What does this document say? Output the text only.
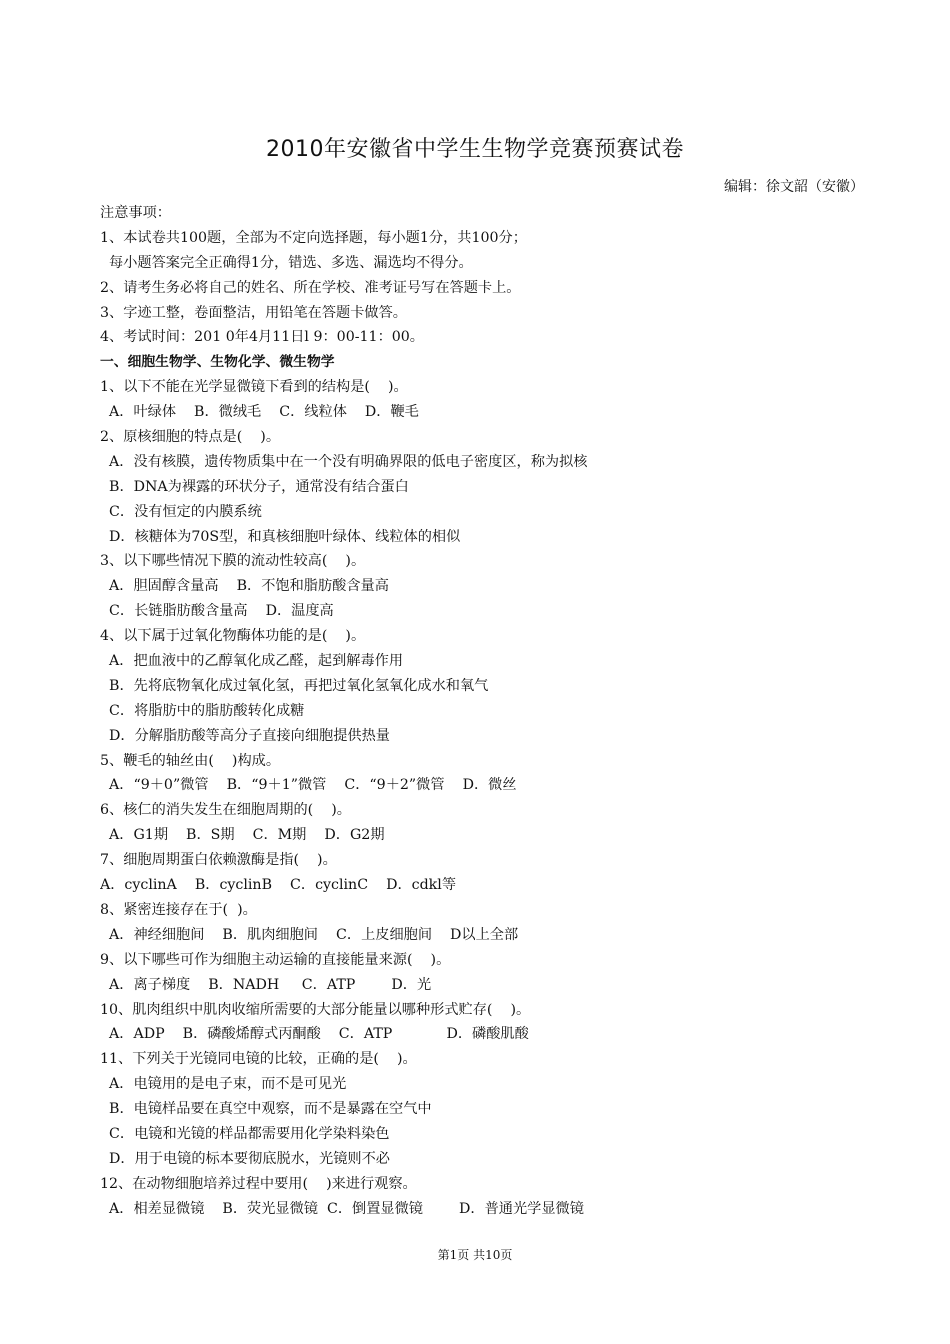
2010年安徽省中学生生物学竞赛预赛试卷
编辑：徐文韶（安徽）
注意事项：
1、本试卷共100题，全部为不定向选择题，每小题1分，共100分；
每小题答案完全正确得1分，错选、多选、漏选均不得分。
2、请考生务必将自己的姓名、所在学校、准考证号写在答题卡上。
3、字迹工整，卷面整洁，用铅笔在答题卡做答。
4、考试时间：201 0年4月11日l 9：00-11：00。
一、细胞生物学、生物化学、微生物学
1、以下不能在光学显微镜下看到的结构是(    )。
A．叶绿体    B．微绒毛    C．线粒体    D．鞭毛
2、原核细胞的特点是(    )。
A．没有核膜，遗传物质集中在一个没有明确界限的低电子密度区，称为拟核
B．DNA为裸露的环状分子，通常没有结合蛋白
C．没有恒定的内膜系统
D．核糖体为70S型，和真核细胞叶绿体、线粒体的相似
3、以下哪些情况下膜的流动性较高(    )。
A．胆固醇含量高    B．不饱和脂肪酸含量高
C．长链脂肪酸含量高    D．温度高
4、以下属于过氧化物酶体功能的是(    )。
A．把血液中的乙醇氧化成乙醛，起到解毒作用
B．先将底物氧化成过氧化氢，再把过氧化氢氧化成水和氧气
C．将脂肪中的脂肪酸转化成糖
D．分解脂肪酸等高分子直接向细胞提供热量
5、鞭毛的轴丝由(    )构成。
A．“9＋0”微管    B．“9＋1”微管    C．“9＋2”微管    D．微丝
6、核仁的消失发生在细胞周期的(    )。
A．G1期    B．S期    C．M期    D．G2期
7、细胞周期蛋白依赖激酶是指(    )。
A．cyclinA    B．cyclinB    C．cyclinC    D．cdkl等
8、紧密连接存在于(  )。
A．神经细胞间    B．肌肉细胞间    C．上皮细胞间    D以上全部
9、以下哪些可作为细胞主动运输的直接能量来源(    )。
A．离子梯度    B．NADH     C．ATP        D．光
10、肌肉组织中肌肉收缩所需要的大部分能量以哪种形式贮存(    )。
A．ADP    B．磷酸烯醇式丙酮酸    C．ATP            D．磷酸肌酸
11、下列关于光镜同电镜的比较，正确的是(    )。
A．电镜用的是电子束，而不是可见光
B．电镜样品要在真空中观察，而不是暴露在空气中
C．电镜和光镜的样品都需要用化学染料染色
D．用于电镜的标本要彻底脱水，光镜则不必
12、在动物细胞培养过程中要用(    )来进行观察。
A．相差显微镜    B．荧光显微镜  C．倒置显微镜        D．普通光学显微镜
第1页 共10页
